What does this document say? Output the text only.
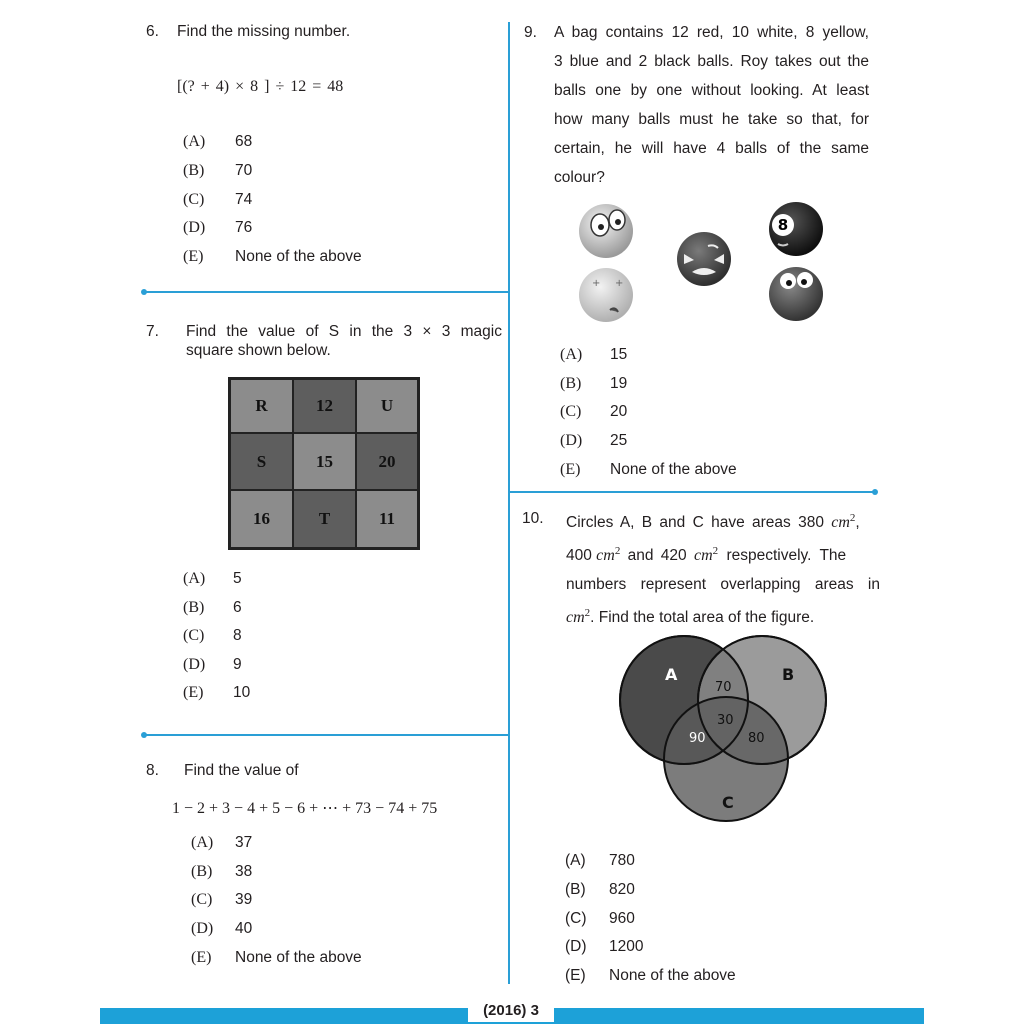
6. Find the missing number.
[(? + 4) × 8 ] ÷ 12 = 48
(A) 68
(B) 70
(C) 74
(D) 76
(E) None of the above
7. Find the value of S in the 3 × 3 magic
square shown below.
R	12	U
S	15	20
16	T	11
(A) 5
(B) 6
(C) 8
(D) 9
(E) 10
8. Find the value of
1 − 2 + 3 − 4 + 5 − 6 + ⋯ + 73 − 74 + 75
(A) 37
(B) 38
(C) 39
(D) 40
(E) None of the above
9. A bag contains 12 red, 10 white, 8 yellow,
3 blue and 2 black balls. Roy takes out the
balls one by one without looking. At least
how many balls must he take so that, for
certain, he will have 4 balls of the same
colour?
+ +
8
(A) 15
(B) 19
(C) 20
(D) 25
(E) None of the above
10. Circles A, B and C have areas 380 $cm^2$,
400 $cm^2$ and 420 $cm^2$ respectively. The
numbers represent overlapping areas in
$cm^2$. Find the total area of the figure.
A	B
C
70
30
90	80
(A) 780
(B) 820
(C) 960
(D) 1200
(E) None of the above
(2016) 3
